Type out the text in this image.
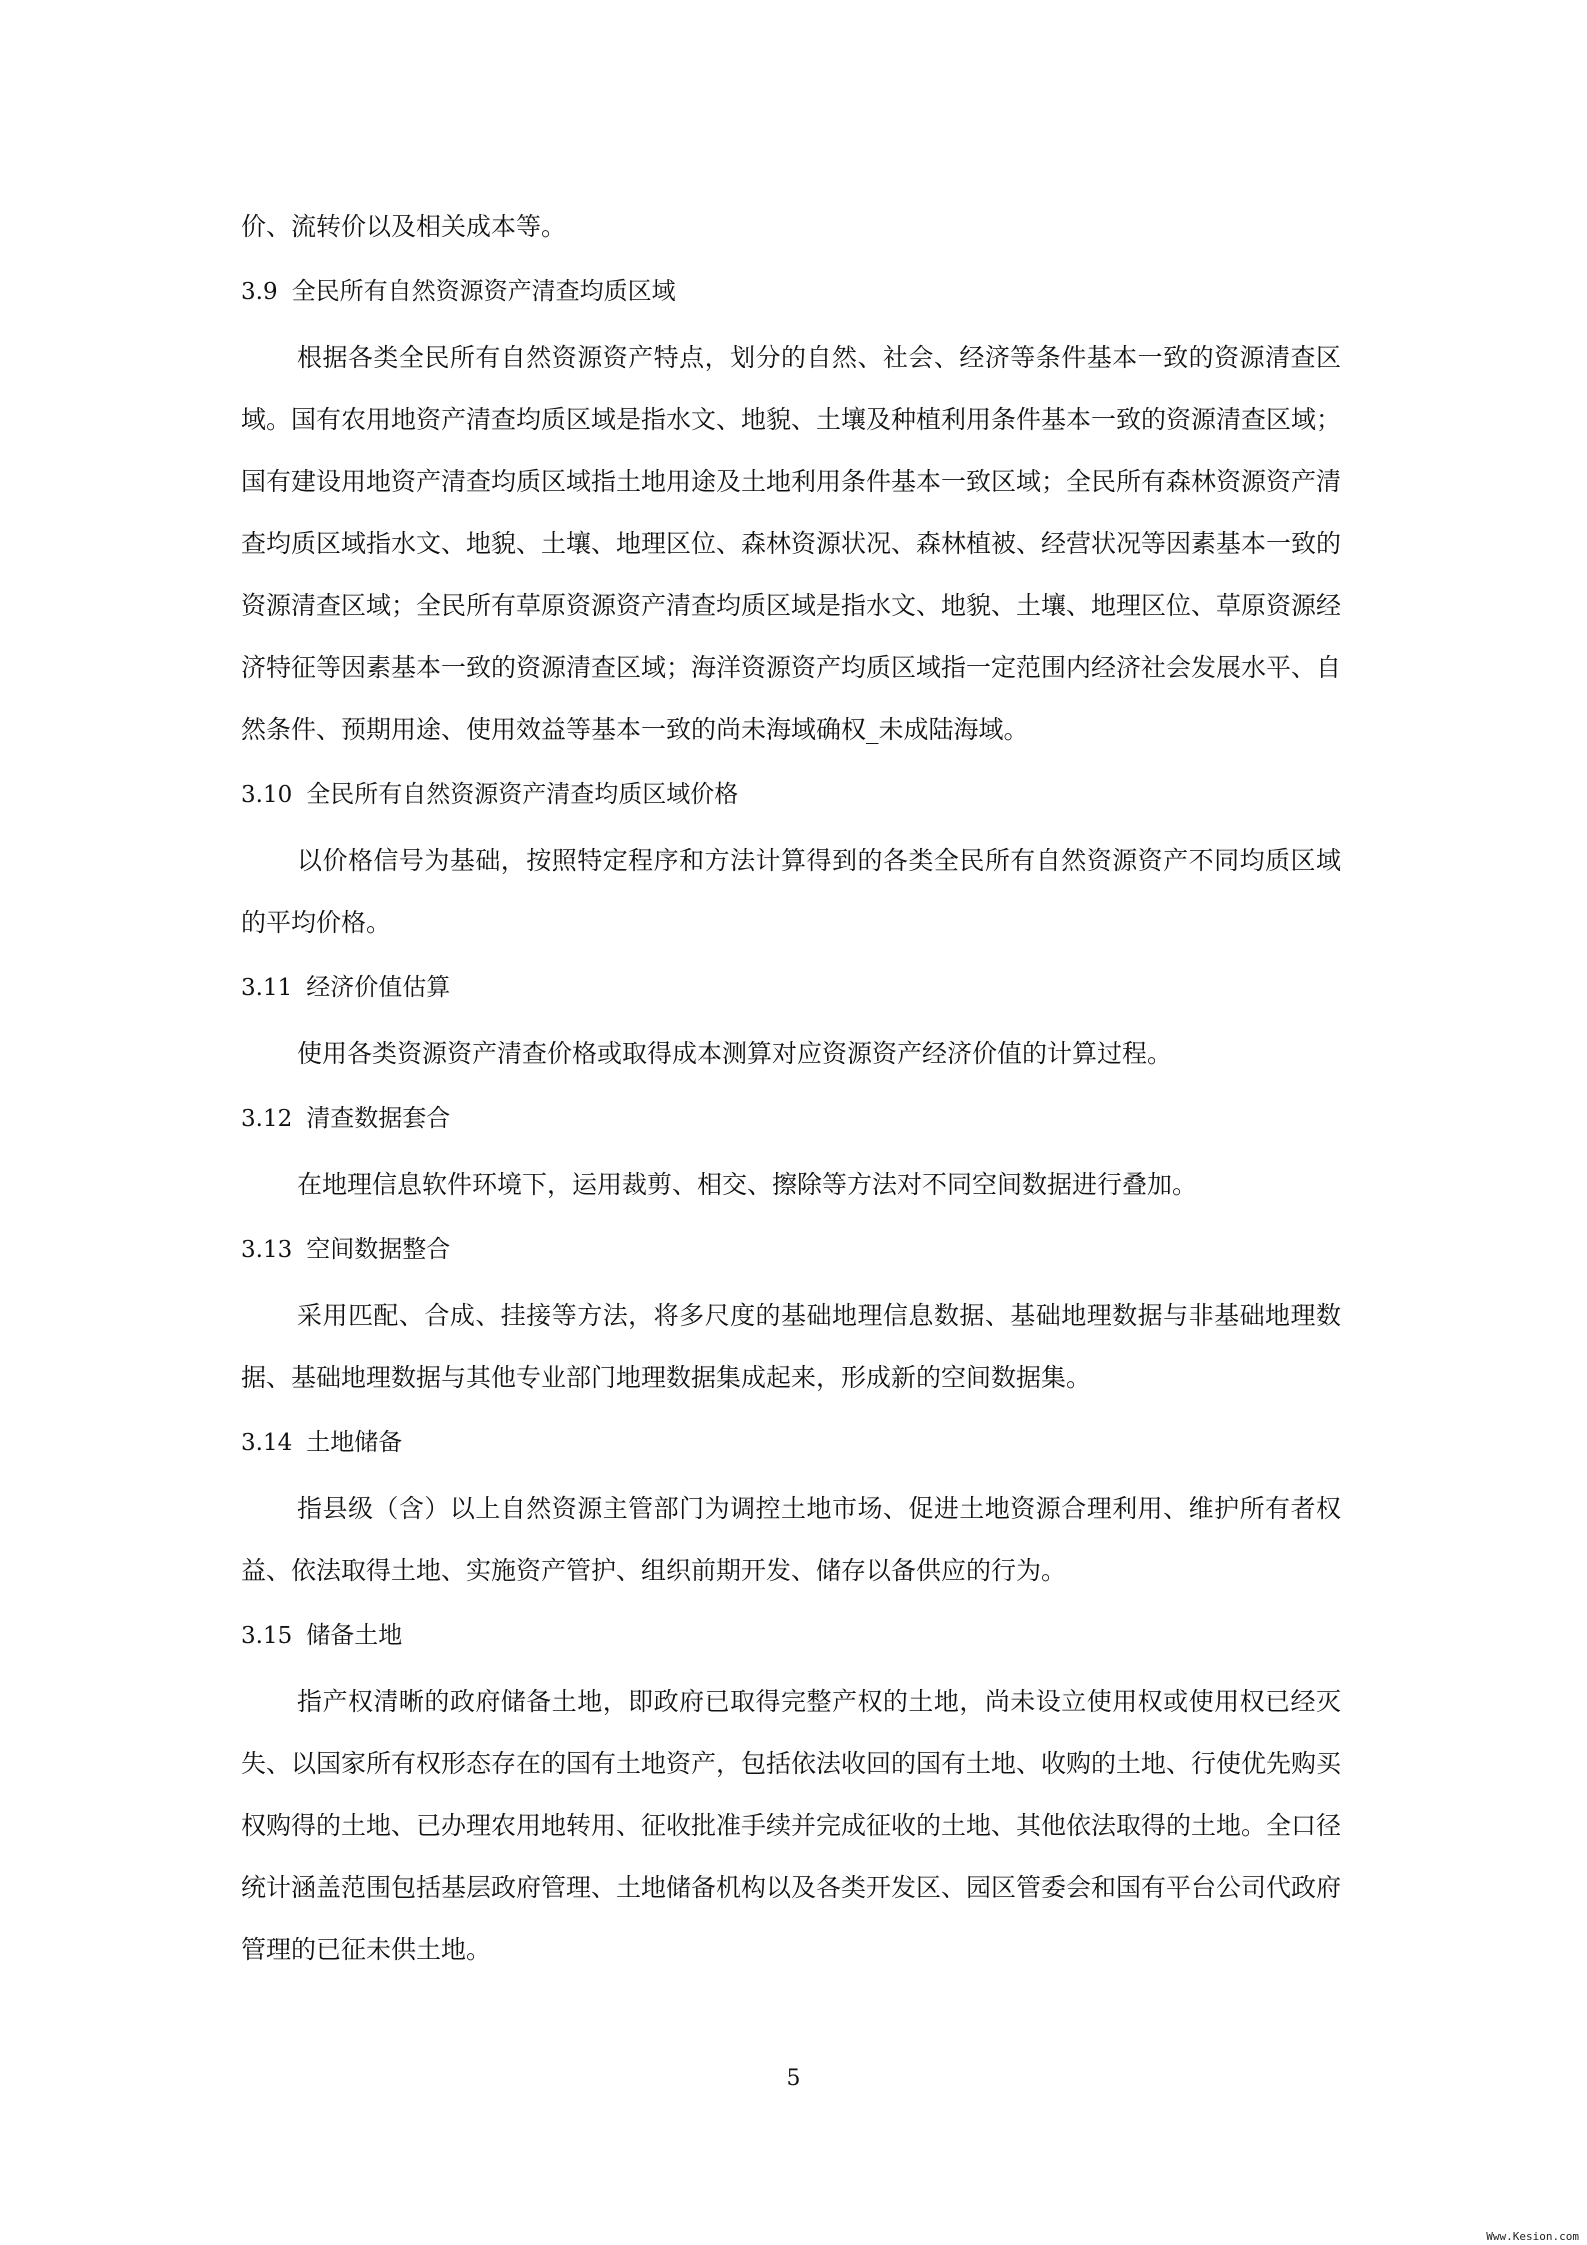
价、流转价以及相关成本等。

3.9 全民所有自然资源资产清查均质区域

根据各类全民所有自然资源资产特点，划分的自然、社会、经济等条件基本一致的资源清查区域。国有农用地资产清查均质区域是指水文、地貌、土壤及种植利用条件基本一致的资源清查区域；国有建设用地资产清查均质区域指土地用途及土地利用条件基本一致区域；全民所有森林资源资产清查均质区域指水文、地貌、土壤、地理区位、森林资源状况、森林植被、经营状况等因素基本一致的资源清查区域；全民所有草原资源资产清查均质区域是指水文、地貌、土壤、地理区位、草原资源经济特征等因素基本一致的资源清查区域；海洋资源资产均质区域指一定范围内经济社会发展水平、自然条件、预期用途、使用效益等基本一致的尚未海域确权_未成陆海域。

3.10 全民所有自然资源资产清查均质区域价格

以价格信号为基础，按照特定程序和方法计算得到的各类全民所有自然资源资产不同均质区域的平均价格。

3.11 经济价值估算

使用各类资源资产清查价格或取得成本测算对应资源资产经济价值的计算过程。

3.12 清查数据套合

在地理信息软件环境下，运用裁剪、相交、擦除等方法对不同空间数据进行叠加。

3.13 空间数据整合

采用匹配、合成、挂接等方法，将多尺度的基础地理信息数据、基础地理数据与非基础地理数据、基础地理数据与其他专业部门地理数据集成起来，形成新的空间数据集。

3.14 土地储备

指县级（含）以上自然资源主管部门为调控土地市场、促进土地资源合理利用、维护所有者权益、依法取得土地、实施资产管护、组织前期开发、储存以备供应的行为。

3.15 储备土地

指产权清晰的政府储备土地，即政府已取得完整产权的土地，尚未设立使用权或使用权已经灭失、以国家所有权形态存在的国有土地资产，包括依法收回的国有土地、收购的土地、行使优先购买权购得的土地、已办理农用地转用、征收批准手续并完成征收的土地、其他依法取得的土地。全口径统计涵盖范围包括基层政府管理、土地储备机构以及各类开发区、园区管委会和国有平台公司代政府管理的已征未供土地。

5
Www.Kesion.com
